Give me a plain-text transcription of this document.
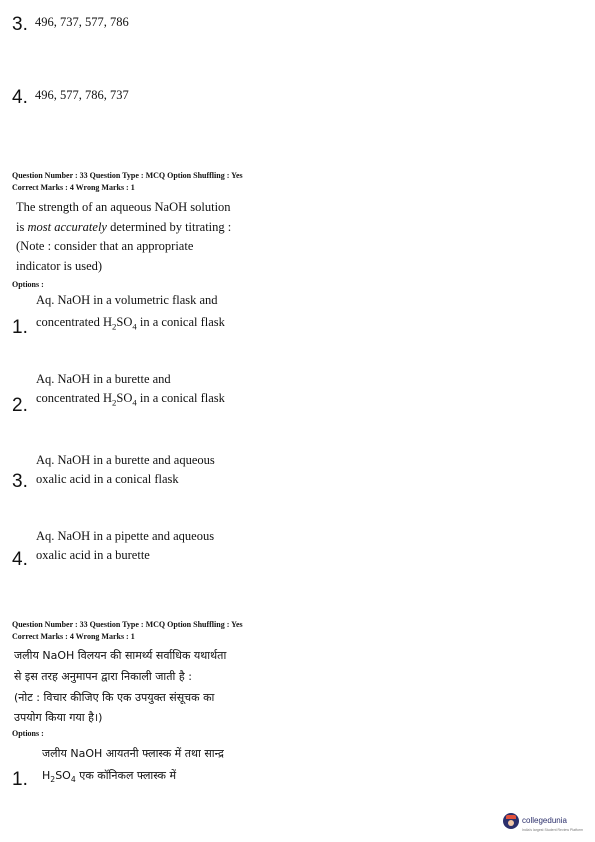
3. 496, 737, 577, 786
4. 496, 577, 786, 737
Question Number : 33 Question Type : MCQ Option Shuffling : Yes
Correct Marks : 4 Wrong Marks : 1
The strength of an aqueous NaOH solution
is most accurately determined by titrating :
(Note : consider that an appropriate
indicator is used)
Options :
Aq. NaOH in a volumetric flask and
1. concentrated $H_2SO_4$ in a conical flask
Aq. NaOH in a burette and
2. concentrated $H_2SO_4$ in a conical flask
Aq. NaOH in a burette and aqueous
3. oxalic acid in a conical flask
Aq. NaOH in a pipette and aqueous
4. oxalic acid in a burette
Question Number : 33 Question Type : MCQ Option Shuffling : Yes
Correct Marks : 4 Wrong Marks : 1
जलीय NaOH विलयन की सामर्थ्य सर्वाधिक यथार्थता
से इस तरह अनुमापन द्वारा निकाली जाती है :
(नोट : विचार कीजिए कि एक उपयुक्त संसूचक का
उपयोग किया गया है।)
Options :
जलीय NaOH आयतनी फ्लास्क में तथा सान्द्र
1. $H_2SO_4$ एक कॉनिकल फ्लास्क में
collegedunia
India's largest Student Review Platform
